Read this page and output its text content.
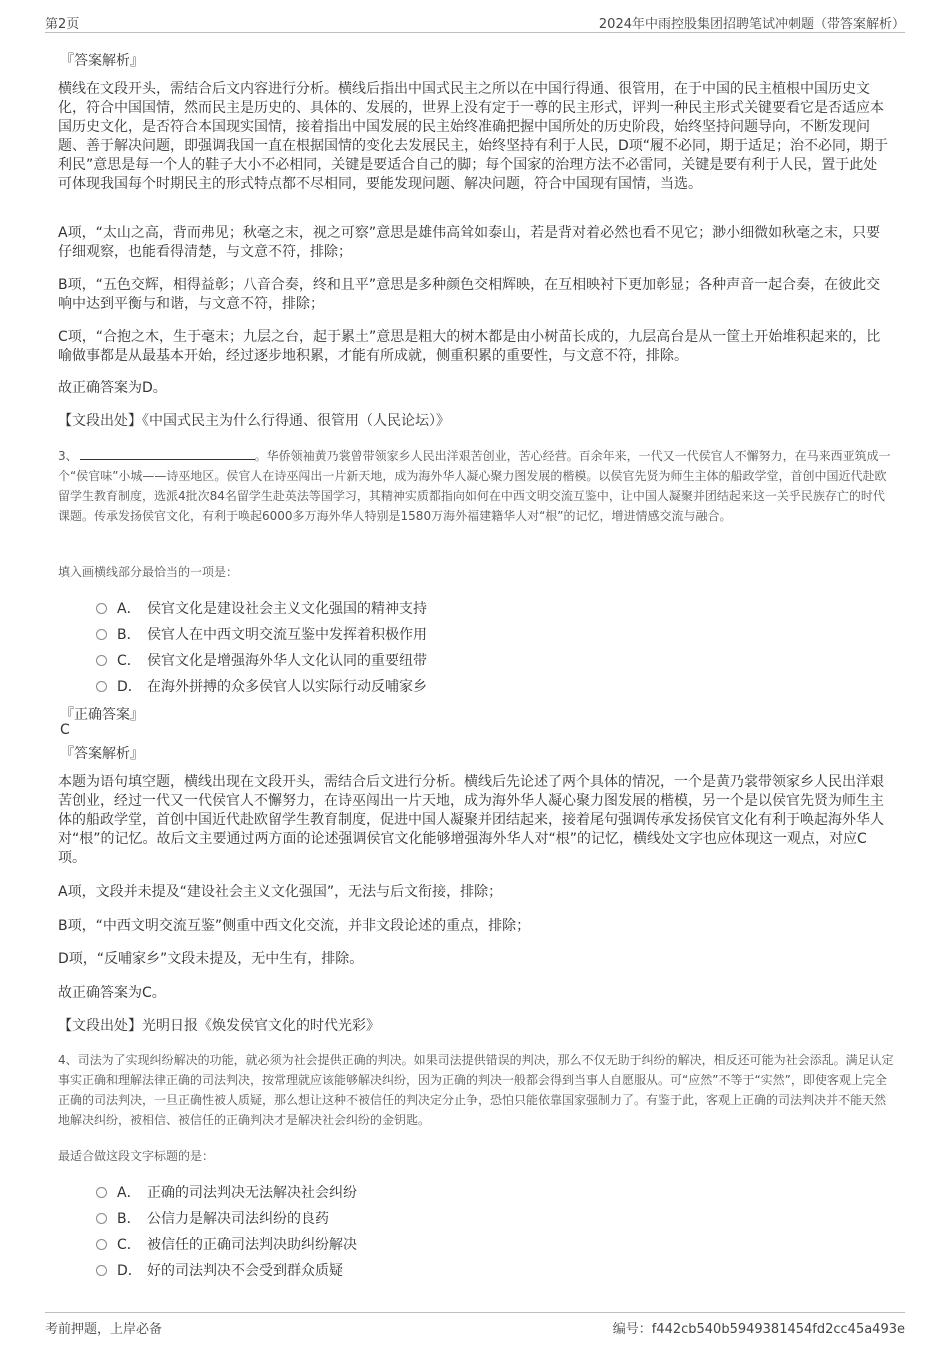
第2页	2024年中雨控股集团招聘笔试冲刺题（带答案解析）
『答案解析』
横线在文段开头，需结合后文内容进行分析。横线后指出中国式民主之所以在中国行得通、很管用，在于中国的民主植根中国历史文化，符合中国国情，然而民主是历史的、具体的、发展的，世界上没有定于一尊的民主形式，评判一种民主形式关键要看它是否适应本国历史文化，是否符合本国现实国情，接着指出中国发展的民主始终准确把握中国所处的历史阶段，始终坚持问题导向，不断发现问题、善于解决问题，即强调我国一直在根据国情的变化去发展民主，始终坚持有利于人民，D项“履不必同，期于适足；治不必同，期于利民”意思是每一个人的鞋子大小不必相同，关键是要适合自己的脚；每个国家的治理方法不必雷同，关键是要有利于人民，置于此处可体现我国每个时期民主的形式特点都不尽相同，要能发现问题、解决问题，符合中国现有国情，当选。
A项，“太山之高，背而弗见；秋毫之末，视之可察”意思是雄伟高耸如泰山，若是背对着必然也看不见它；渺小细微如秋毫之末，只要仔细观察，也能看得清楚，与文意不符，排除；
B项，“五色交辉，相得益彰；八音合奏，终和且平”意思是多种颜色交相辉映，在互相映衬下更加彰显；各种声音一起合奏，在彼此交响中达到平衡与和谐，与文意不符，排除；
C项，“合抱之木，生于毫末；九层之台，起于累土”意思是粗大的树木都是由小树苗长成的，九层高台是从一筐土开始堆积起来的，比喻做事都是从最基本开始，经过逐步地积累，才能有所成就，侧重积累的重要性，与文意不符，排除。
故正确答案为D。
【文段出处】《中国式民主为什么行得通、很管用（人民论坛）》
3、	。华侨领袖黄乃裳曾带领家乡人民出洋艰苦创业，苦心经营。百余年来，一代又一代侯官人不懈努力，在马来西亚筑成一个“侯官味”小城——诗巫地区。侯官人在诗巫闯出一片新天地，成为海外华人凝心聚力图发展的楷模。以侯官先贤为师生主体的船政学堂，首创中国近代赴欧留学生教育制度，选派4批次84名留学生赴英法等国学习，其精神实质都指向如何在中西文明交流互鉴中，让中国人凝聚并团结起来这一关乎民族存亡的时代课题。传承发扬侯官文化，有利于唤起6000多万海外华人特别是1580万海外福建籍华人对“根”的记忆，增进情感交流与融合。
填入画横线部分最恰当的一项是：
A． 侯官文化是建设社会主义文化强国的精神支持
B． 侯官人在中西文明交流互鉴中发挥着积极作用
C． 侯官文化是增强海外华人文化认同的重要纽带
D． 在海外拼搏的众多侯官人以实际行动反哺家乡
『正确答案』
C
『答案解析』
本题为语句填空题，横线出现在文段开头，需结合后文进行分析。横线后先论述了两个具体的情况，一个是黄乃裳带领家乡人民出洋艰苦创业，经过一代又一代侯官人不懈努力，在诗巫闯出一片天地，成为海外华人凝心聚力图发展的楷模，另一个是以侯官先贤为师生主体的船政学堂，首创中国近代赴欧留学生教育制度，促进中国人凝聚并团结起来，接着尾句强调传承发扬侯官文化有利于唤起海外华人对“根”的记忆。故后文主要通过两方面的论述强调侯官文化能够增强海外华人对“根”的记忆，横线处文字也应体现这一观点，对应C项。
A项，文段并未提及“建设社会主义文化强国”，无法与后文衔接，排除；
B项，“中西文明交流互鉴”侧重中西文化交流，并非文段论述的重点，排除；
D项，“反哺家乡”文段未提及，无中生有，排除。
故正确答案为C。
【文段出处】光明日报《焕发侯官文化的时代光彩》
4、司法为了实现纠纷解决的功能，就必须为社会提供正确的判决。如果司法提供错误的判决，那么不仅无助于纠纷的解决，相反还可能为社会添乱。满足认定事实正确和理解法律正确的司法判决，按常理就应该能够解决纠纷，因为正确的判决一般都会得到当事人自愿服从。可“应然”不等于“实然”，即使客观上完全正确的司法判决，一旦正确性被人质疑，那么想让这种不被信任的判决定分止争，恐怕只能依靠国家强制力了。有鉴于此，客观上正确的司法判决并不能天然地解决纠纷，被相信、被信任的正确判决才是解决社会纠纷的金钥匙。
最适合做这段文字标题的是：
A． 正确的司法判决无法解决社会纠纷
B． 公信力是解决司法纠纷的良药
C． 被信任的正确司法判决助纠纷解决
D． 好的司法判决不会受到群众质疑
考前押题，上岸必备	编号：f442cb540b5949381454fd2cc45a493e
